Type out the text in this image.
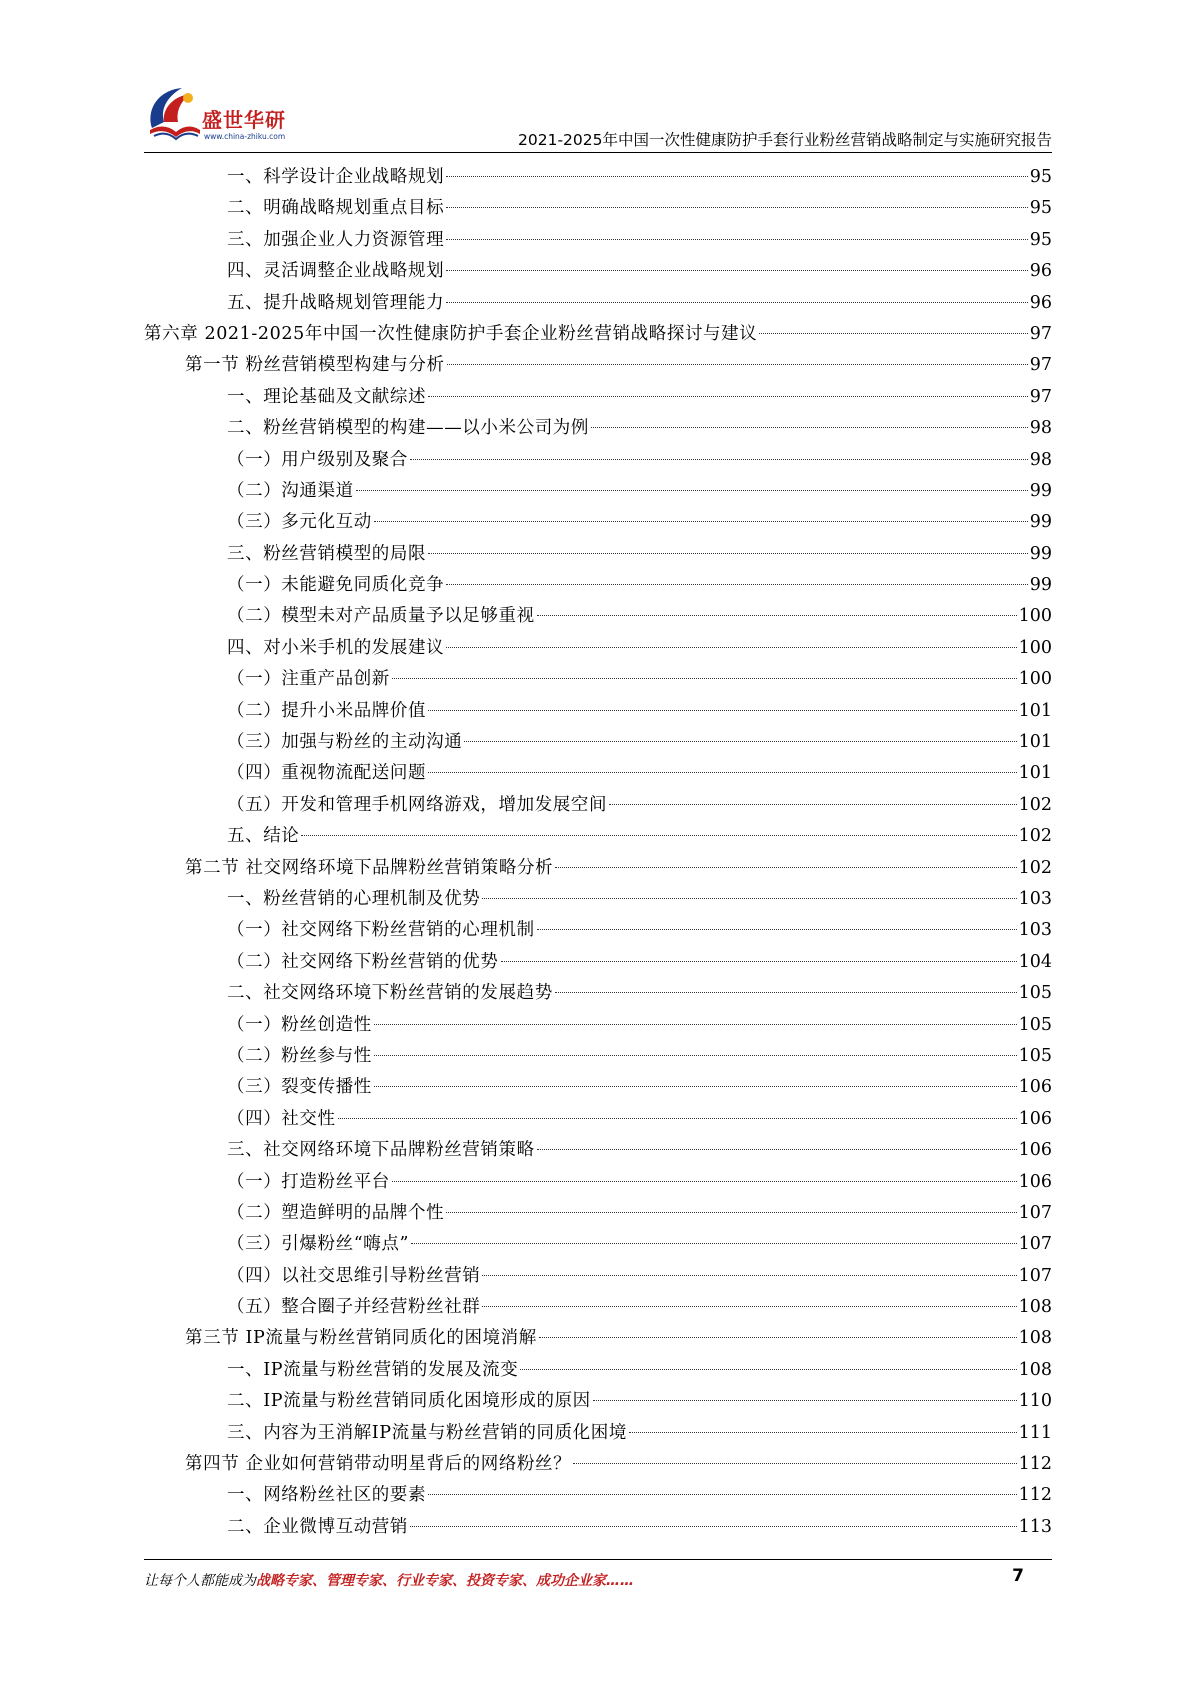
盛世华研
www.china-zhiku.com	2021-2025年中国一次性健康防护手套行业粉丝营销战略制定与实施研究报告
一、科学设计企业战略规划	95
二、明确战略规划重点目标	95
三、加强企业人力资源管理	95
四、灵活调整企业战略规划	96
五、提升战略规划管理能力	96
第六章 2021-2025年中国一次性健康防护手套企业粉丝营销战略探讨与建议	97
第一节 粉丝营销模型构建与分析	97
一、理论基础及文献综述	97
二、粉丝营销模型的构建——以小米公司为例	98
（一）用户级别及聚合	98
（二）沟通渠道	99
（三）多元化互动	99
三、粉丝营销模型的局限	99
（一）未能避免同质化竞争	99
（二）模型未对产品质量予以足够重视	100
四、对小米手机的发展建议	100
（一）注重产品创新	100
（二）提升小米品牌价值	101
（三）加强与粉丝的主动沟通	101
（四）重视物流配送问题	101
（五）开发和管理手机网络游戏，增加发展空间	102
五、结论	102
第二节 社交网络环境下品牌粉丝营销策略分析	102
一、粉丝营销的心理机制及优势	103
（一）社交网络下粉丝营销的心理机制	103
（二）社交网络下粉丝营销的优势	104
二、社交网络环境下粉丝营销的发展趋势	105
（一）粉丝创造性	105
（二）粉丝参与性	105
（三）裂变传播性	106
（四）社交性	106
三、社交网络环境下品牌粉丝营销策略	106
（一）打造粉丝平台	106
（二）塑造鲜明的品牌个性	107
（三）引爆粉丝“嗨点”	107
（四）以社交思维引导粉丝营销	107
（五）整合圈子并经营粉丝社群	108
第三节 IP流量与粉丝营销同质化的困境消解	108
一、IP流量与粉丝营销的发展及流变	108
二、IP流量与粉丝营销同质化困境形成的原因	110
三、内容为王消解IP流量与粉丝营销的同质化困境	111
第四节 企业如何营销带动明星背后的网络粉丝？	112
一、网络粉丝社区的要素	112
二、企业微博互动营销	113
让每个人都能成为战略专家、管理专家、行业专家、投资专家、成功企业家……	7
